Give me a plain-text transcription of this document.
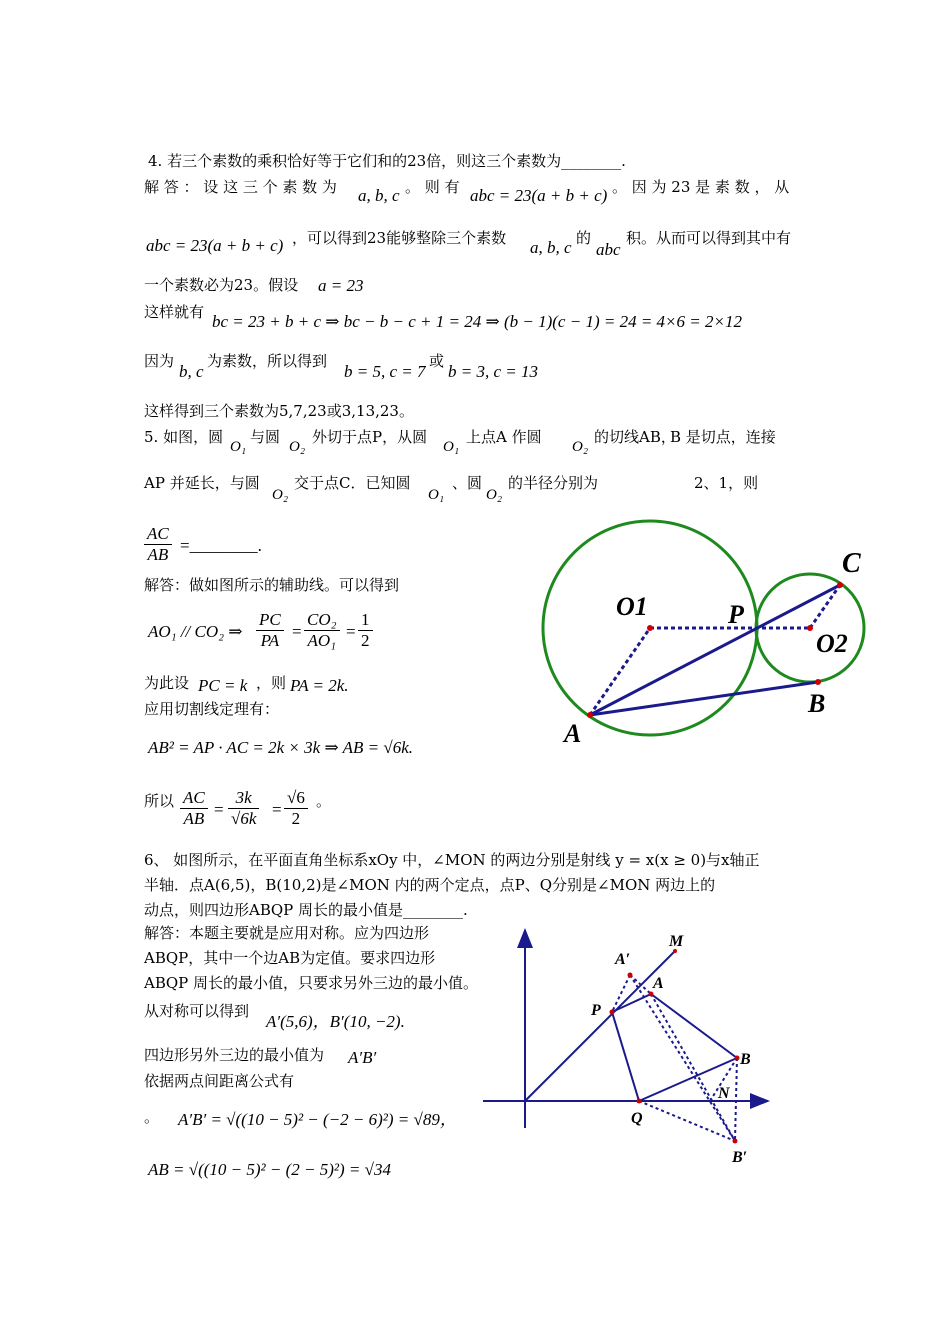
4. 若三个素数的乘积恰好等于它们和的23倍，则这三个素数为________.
解 答 ： 设 这 三 个 素 数 为 a, b, c 。 则 有 abc = 23(a + b + c) 。 因 为 23 是 素 数 ， 从
abc = 23(a + b + c) ，可以得到23能够整除三个素数 a, b, c 的
abc
积。从而可以得到其中有
一个素数必为23。假设 a = 23
这样就有 bc = 23 + b + c ⇒ bc − b − c + 1 = 24 ⇒ (b − 1)(c − 1) = 24 = 4×6 = 2×12
因为
b, c
为素数，所以得到
b = 5, c = 7
或
b = 3, c = 13
这样得到三个素数为5,7,23或3,13,23。
5. 如图，圆
O₁
与圆
O₂
外切于点P，从圆
O₁
上点A 作圆
O₂
的切线AB，
B 是切点，连接
AP 并延长，与圆
O₂
交于点C．已知圆
O₁
、圆
O₂
的半径分别为	2、1，则
$\frac{AC}{AB}$ =________.
解答：做如图所示的辅助线。可以得到
AO₁ // CO₂ ⇒ $\frac{PC}{PA} = \frac{\text{CO₂}}{\text{AO₁}} = \frac{1}{2}$
为此设 PC = k ，则 PA = 2k.
应用切割线定理有：
AB² = AP · AC = 2k × 3k ⇒ AB = √6k.
所以 $\frac{AC}{AB} = \frac{3k}{√6k} = \frac{√6}{2}$ 。
O1	P
O2
C
B
A
6、 如图所示，在平面直角坐标系xOy 中，∠MON 的两边分别是射线 y = x(x ≥ 0)与x轴正
半轴．点A(6,5)，B(10,2)是∠MON 内的两个定点，点P、Q分别是∠MON 两边上的
动点，则四边形ABQP 周长的最小值是________.
解答：本题主要就是应用对称。应为四边形
ABQP，其中一个边AB为定值。要求四边形
ABQP 周长的最小值，只要求另外三边的最小值。
从对称可以得到
A′(5,6)，B′(10, −2).
四边形另外三边的最小值为 A′B′
依据两点间距离公式有
。 A′B′ = √((10 − 5)² − (−2 − 6)²) = √89，
AB = √((10 − 5)² − (2 − 5)²) = √34
M
A′
A
P
B
N
Q
B′
